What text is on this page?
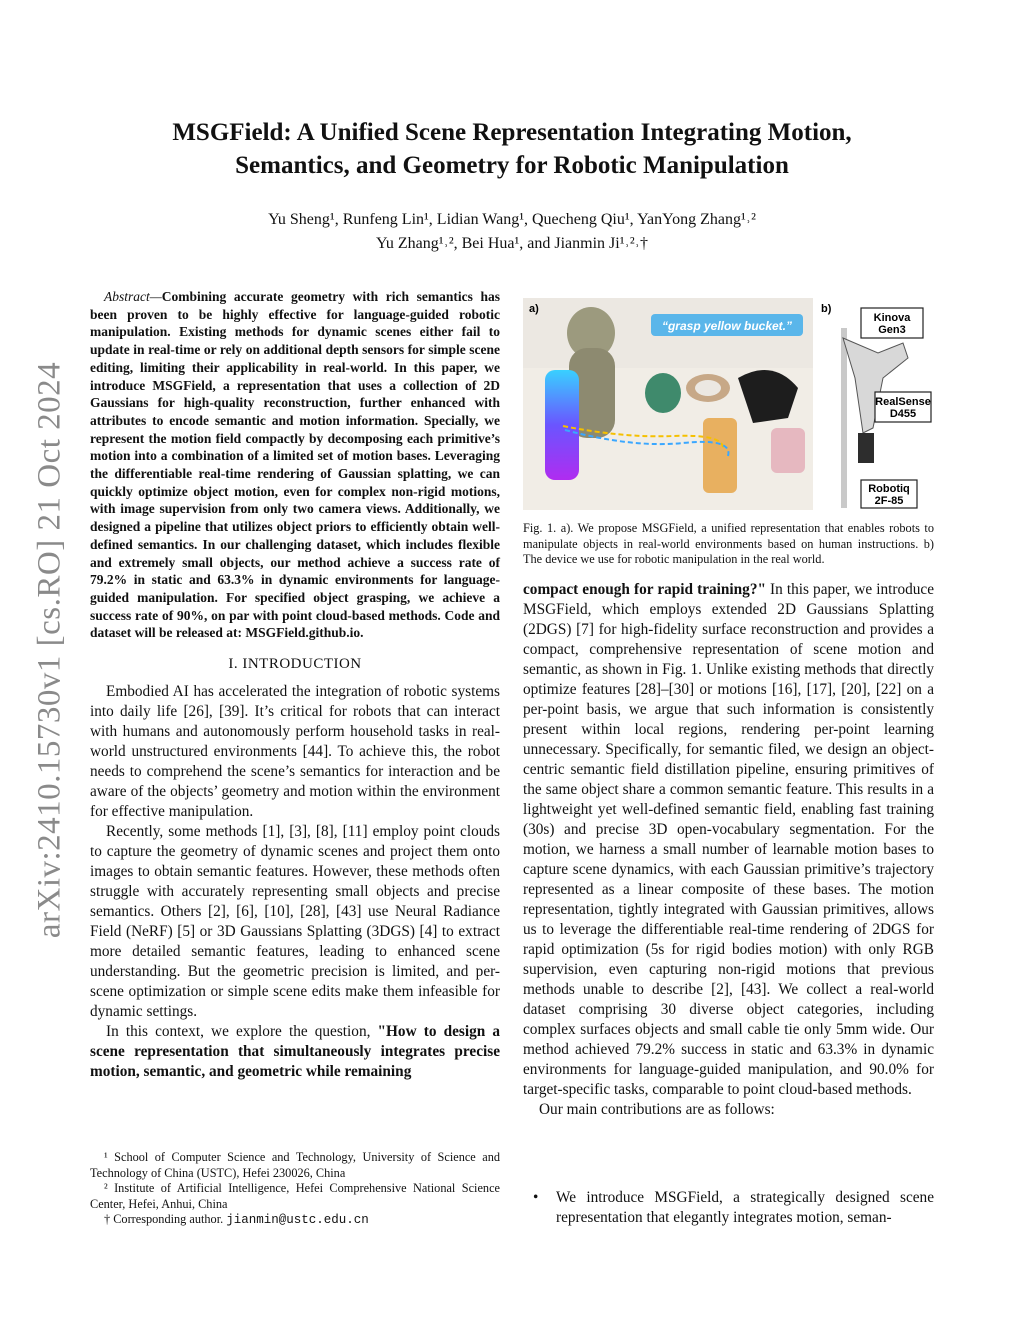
arXiv:2410.15730v1 [cs.RO] 21 Oct 2024
MSGField: A Unified Scene Representation Integrating Motion,
Semantics, and Geometry for Robotic Manipulation
Yu Sheng¹, Runfeng Lin¹, Lidian Wang¹, Quecheng Qiu¹, YanYong Zhang¹˒²
Yu Zhang¹˒², Bei Hua¹, and Jianmin Ji¹˒²˒†

Abstract—Combining accurate geometry with rich semantics has been proven to be highly effective for language-guided robotic manipulation. Existing methods for dynamic scenes either fail to update in real-time or rely on additional depth sensors for simple scene editing, limiting their applicability in real-world. In this paper, we introduce MSGField, a representation that uses a collection of 2D Gaussians for high-quality reconstruction, further enhanced with attributes to encode semantic and motion information. Specially, we represent the motion field compactly by decomposing each primitive’s motion into a combination of a limited set of motion bases. Leveraging the differentiable real-time rendering of Gaussian splatting, we can quickly optimize object motion, even for complex non-rigid motions, with image supervision from only two camera views. Additionally, we designed a pipeline that utilizes object priors to efficiently obtain well-defined semantics. In our challenging dataset, which includes flexible and extremely small objects, our method achieve a success rate of 79.2% in static and 63.3% in dynamic environments for language-guided manipulation. For specified object grasping, we achieve a success rate of 90%, on par with point cloud-based methods. Code and dataset will be released at: MSGField.github.io.

I. INTRODUCTION

Embodied AI has accelerated the integration of robotic systems into daily life [26], [39]. It’s critical for robots that can interact with humans and autonomously perform household tasks in real-world unstructured environments [44]. To achieve this, the robot needs to comprehend the scene’s semantics for interaction and be aware of the objects’ geometry and motion within the environment for effective manipulation.

Recently, some methods [1], [3], [8], [11] employ point clouds to capture the geometry of dynamic scenes and project them onto images to obtain semantic features. However, these methods often struggle with accurately representing small objects and precise semantics. Others [2], [6], [10], [28], [43] use Neural Radiance Field (NeRF) [5] or 3D Gaussians Splatting (3DGS) [4] to extract more detailed semantic features, leading to enhanced scene understanding. But the geometric precision is limited, and per-scene optimization or simple scene edits make them infeasible for dynamic settings.

In this context, we explore the question, "How to design a scene representation that simultaneously integrates precise motion, semantic, and geometric while remaining

¹ School of Computer Science and Technology, University of Science and Technology of China (USTC), Hefei 230026, China

² Institute of Artificial Intelligence, Hefei Comprehensive National Science Center, Hefei, Anhui, China

† Corresponding author. jianmin@ustc.edu.cn

a)
“grasp yellow bucket.”
b)
Kinova
Gen3
RealSense
D455
Robotiq
2F-85
Fig. 1. a). We propose MSGField, a unified representation that enables robots to manipulate objects in real-world environments based on human instructions. b) The device we use for robotic manipulation in the real world.

compact enough for rapid training?" In this paper, we introduce MSGField, which employs extended 2D Gaussians Splatting (2DGS) [7] for high-fidelity surface reconstruction and provides a compact, comprehensive representation of scene motion and semantic, as shown in Fig. 1. Unlike existing methods that directly optimize features [28]–[30] or motions [16], [17], [20], [22] on a per-point basis, we argue that such information is consistently present within local regions, rendering per-point learning unnecessary. Specifically, for semantic filed, we design an object-centric semantic field distillation pipeline, ensuring primitives of the same object share a common semantic feature. This results in a lightweight yet well-defined semantic field, enabling fast training (30s) and precise 3D open-vocabulary segmentation. For the motion, we harness a small number of learnable motion bases to capture scene dynamics, with each Gaussian primitive’s trajectory represented as a linear composite of these bases. The motion representation, tightly integrated with Gaussian primitives, allows us to leverage the differentiable real-time rendering of 2DGS for rapid optimization (5s for rigid bodies motion) with only RGB supervision, even capturing non-rigid motions that previous methods unable to describe [2], [43]. We collect a real-world dataset comprising 30 diverse object categories, including complex surfaces objects and small cable tie only 5mm wide. Our method achieved 79.2% success in static and 63.3% in dynamic environments for language-guided manipulation, and 90.0% for target-specific tasks, comparable to point cloud-based methods.

Our main contributions are as follows:

• We introduce MSGField, a strategically designed scene representation that elegantly integrates motion, seman-
